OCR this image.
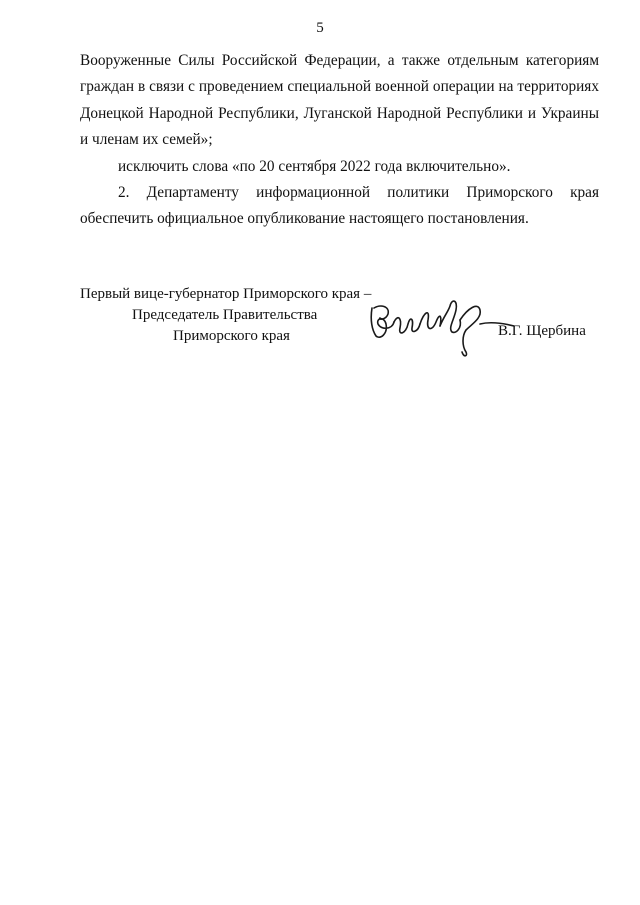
5

Вооруженные Силы Российской Федерации, а также отдельным категориям граждан в связи с проведением специальной военной операции на территориях Донецкой Народной Республики, Луганской Народной Республики и Украины и членам их семей»;

исключить слова «по 20 сентября 2022 года включительно».

2. Департаменту информационной политики Приморского края обеспечить официальное опубликование настоящего постановления.

Первый вице-губернатор Приморского края –
Председатель Правительства
Приморского края	В.Г. Щербина
